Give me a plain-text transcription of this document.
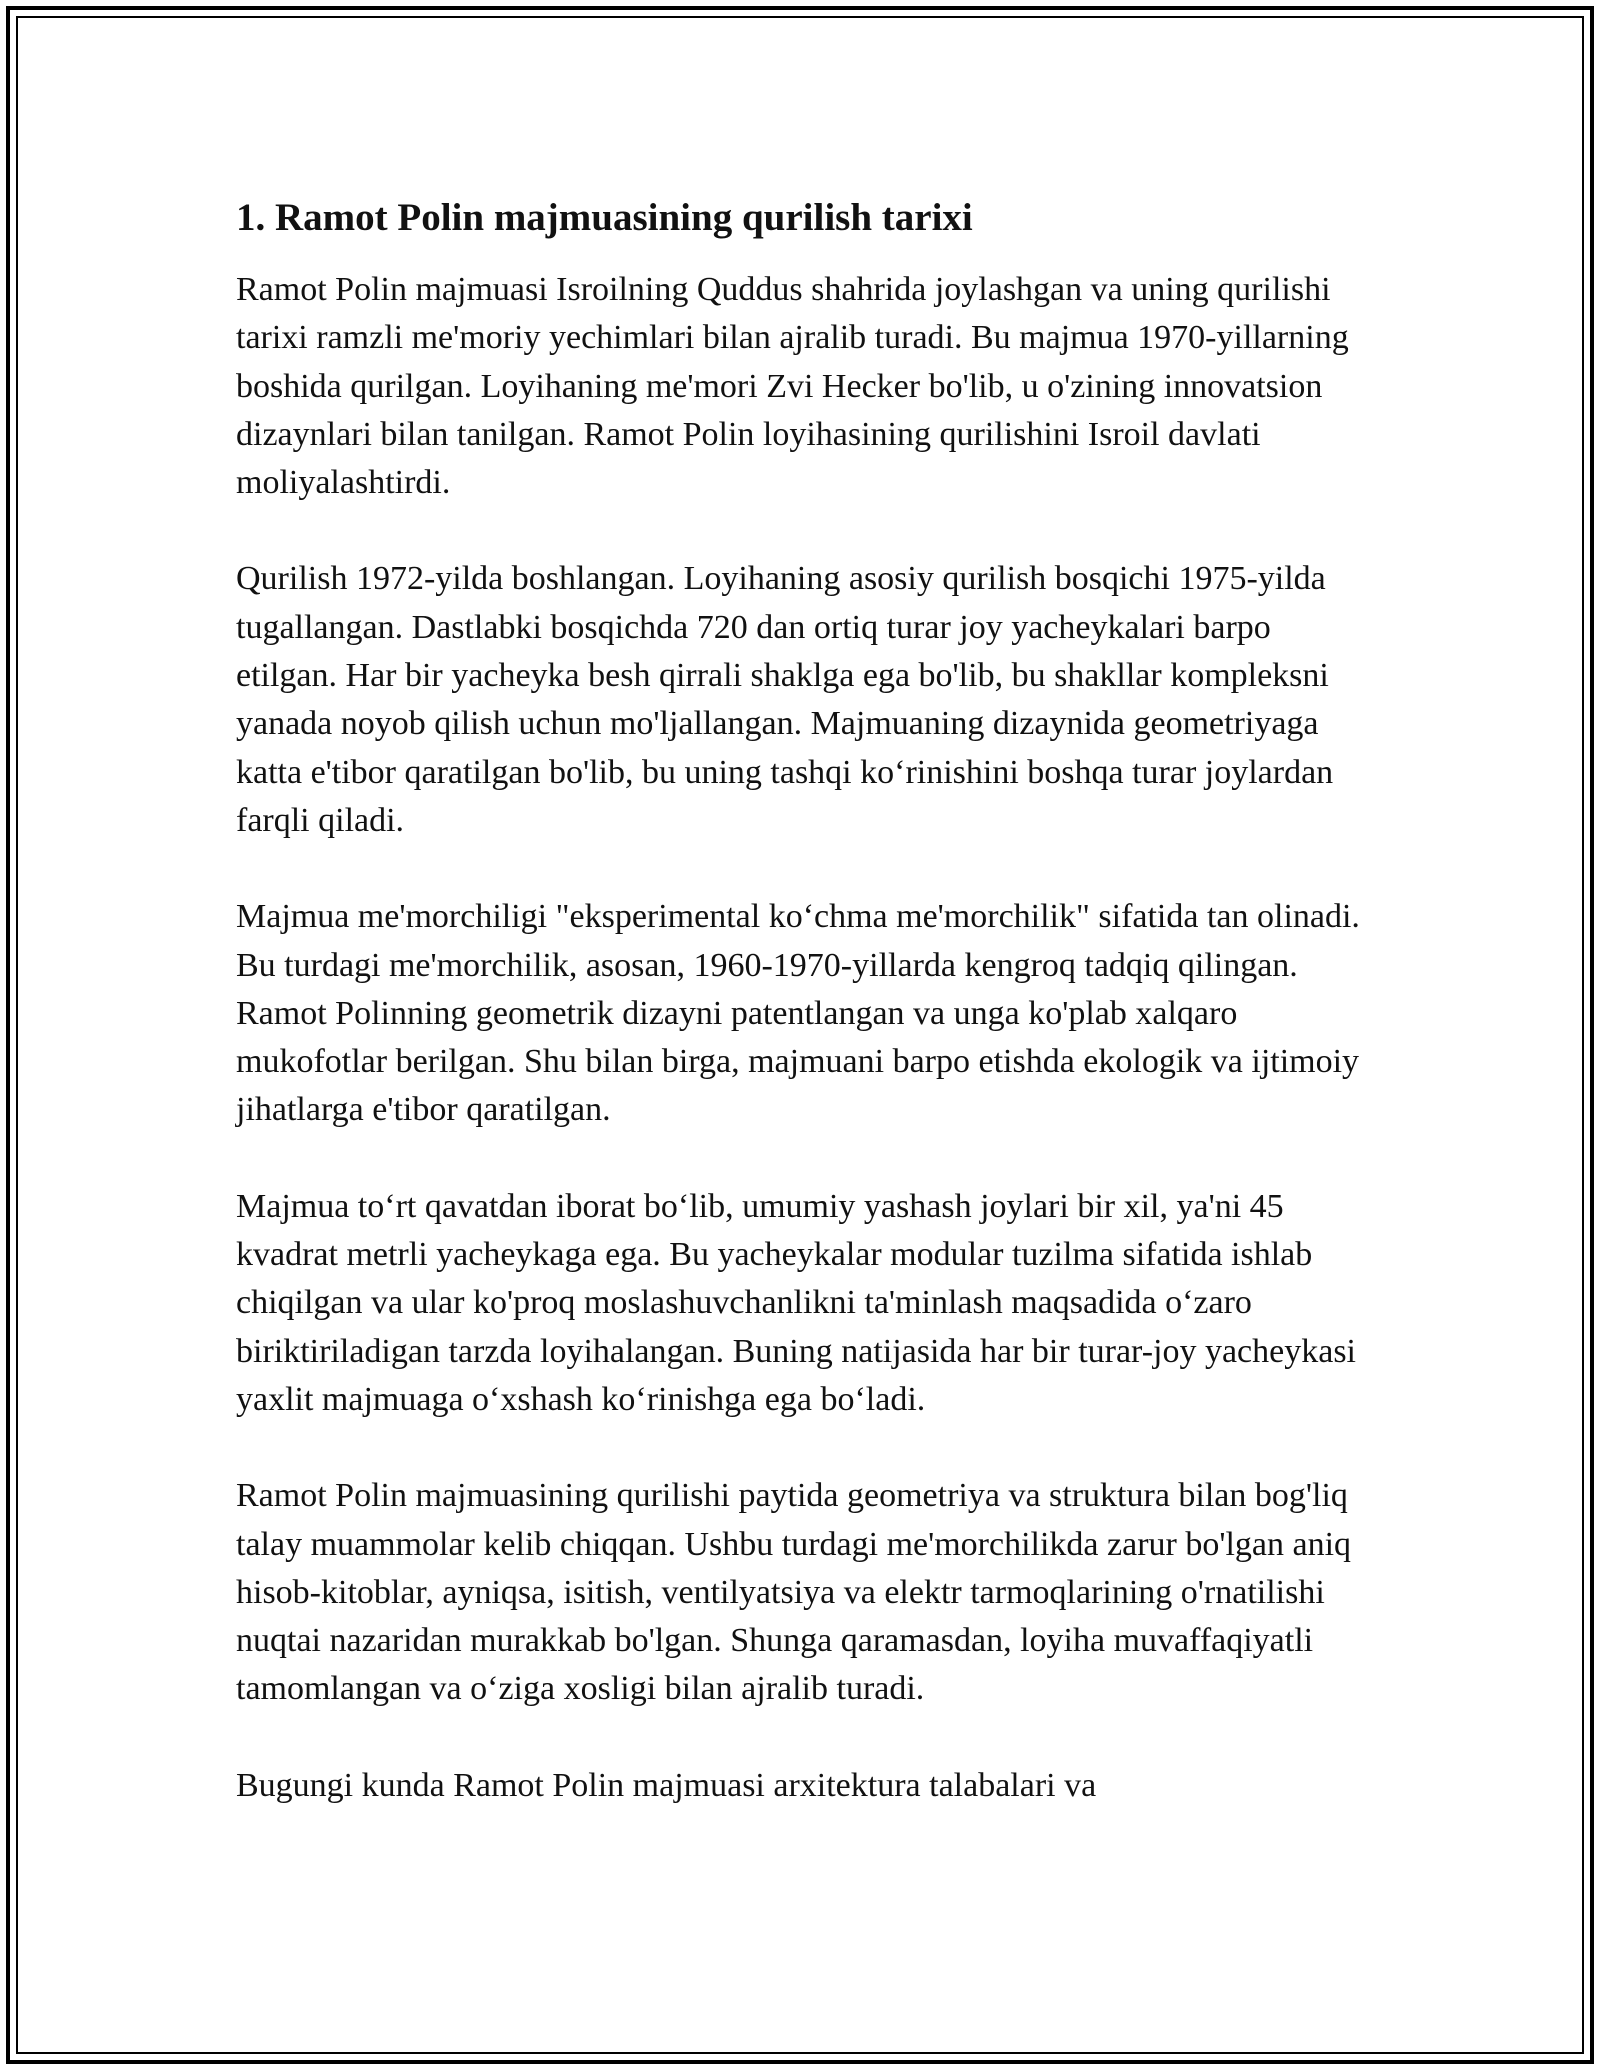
1. Ramot Polin majmuasining qurilish tarixi

Ramot Polin majmuasi Isroilning Quddus shahrida joylashgan va uning qurilishi tarixi ramzli me'moriy yechimlari bilan ajralib turadi. Bu majmua 1970-yillarning boshida qurilgan. Loyihaning me'mori Zvi Hecker bo'lib, u o'zining innovatsion dizaynlari bilan tanilgan. Ramot Polin loyihasining qurilishini Isroil davlati moliyalashtirdi.

Qurilish 1972-yilda boshlangan. Loyihaning asosiy qurilish bosqichi 1975-yilda tugallangan. Dastlabki bosqichda 720 dan ortiq turar joy yacheykalari barpo etilgan. Har bir yacheyka besh qirrali shaklga ega bo'lib, bu shakllar kompleksni yanada noyob qilish uchun mo'ljallangan. Majmuaning dizaynida geometriyaga katta e'tibor qaratilgan bo'lib, bu uning tashqi ko‘rinishini boshqa turar joylardan farqli qiladi.

Majmua me'morchiligi "eksperimental ko‘chma me'morchilik" sifatida tan olinadi. Bu turdagi me'morchilik, asosan, 1960-1970-yillarda kengroq tadqiq qilingan. Ramot Polinning geometrik dizayni patentlangan va unga ko'plab xalqaro mukofotlar berilgan. Shu bilan birga, majmuani barpo etishda ekologik va ijtimoiy jihatlarga e'tibor qaratilgan.

Majmua to‘rt qavatdan iborat bo‘lib, umumiy yashash joylari bir xil, ya'ni 45 kvadrat metrli yacheykaga ega. Bu yacheykalar modular tuzilma sifatida ishlab chiqilgan va ular ko'proq moslashuvchanlikni ta'minlash maqsadida o‘zaro biriktiriladigan tarzda loyihalangan. Buning natijasida har bir turar-joy yacheykasi yaxlit majmuaga o‘xshash ko‘rinishga ega bo‘ladi.

Ramot Polin majmuasining qurilishi paytida geometriya va struktura bilan bog'liq talay muammolar kelib chiqqan. Ushbu turdagi me'morchilikda zarur bo'lgan aniq hisob-kitoblar, ayniqsa, isitish, ventilyatsiya va elektr tarmoqlarining o'rnatilishi nuqtai nazaridan murakkab bo'lgan. Shunga qaramasdan, loyiha muvaffaqiyatli tamomlangan va o‘ziga xosligi bilan ajralib turadi.

Bugungi kunda Ramot Polin majmuasi arxitektura talabalari va
